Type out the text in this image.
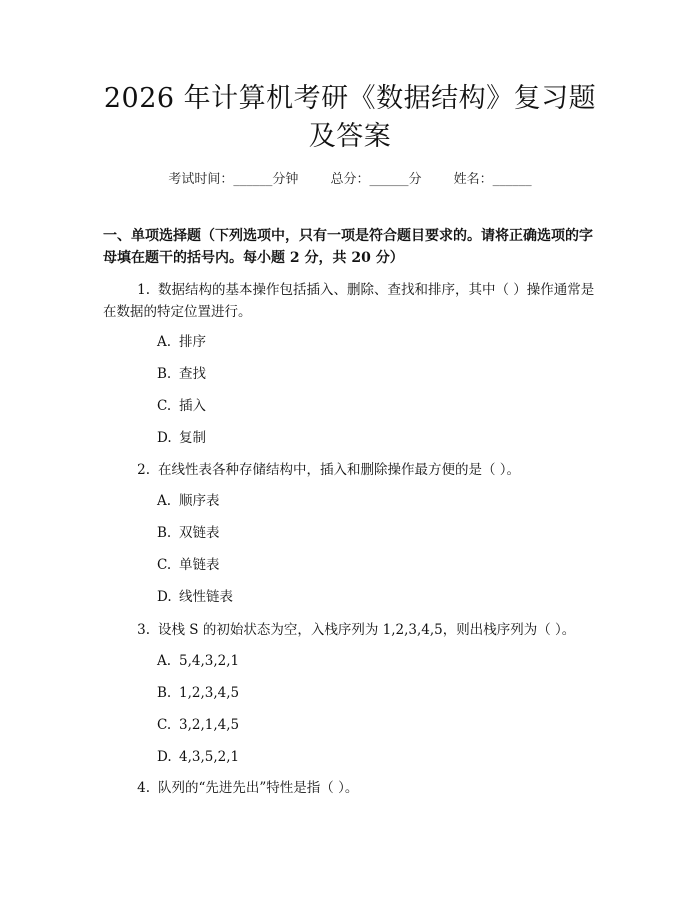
2026 年计算机考研《数据结构》复习题及答案
考试时间：______分钟 总分：______分 姓名：______
一、单项选择题（下列选项中，只有一项是符合题目要求的。请将正确选项的字母填在题干的括号内。每小题 2 分，共 20 分）
1. 数据结构的基本操作包括插入、删除、查找和排序，其中（ ）操作通常是在数据的特定位置进行。
A. 排序
B. 查找
C. 插入
D. 复制
2. 在线性表各种存储结构中，插入和删除操作最方便的是（ ）。
A. 顺序表
B. 双链表
C. 单链表
D. 线性链表
3. 设栈 S 的初始状态为空，入栈序列为 1,2,3,4,5，则出栈序列为（ ）。
A. 5,4,3,2,1
B. 1,2,3,4,5
C. 3,2,1,4,5
D. 4,3,5,2,1
4. 队列的“先进先出”特性是指（ ）。
